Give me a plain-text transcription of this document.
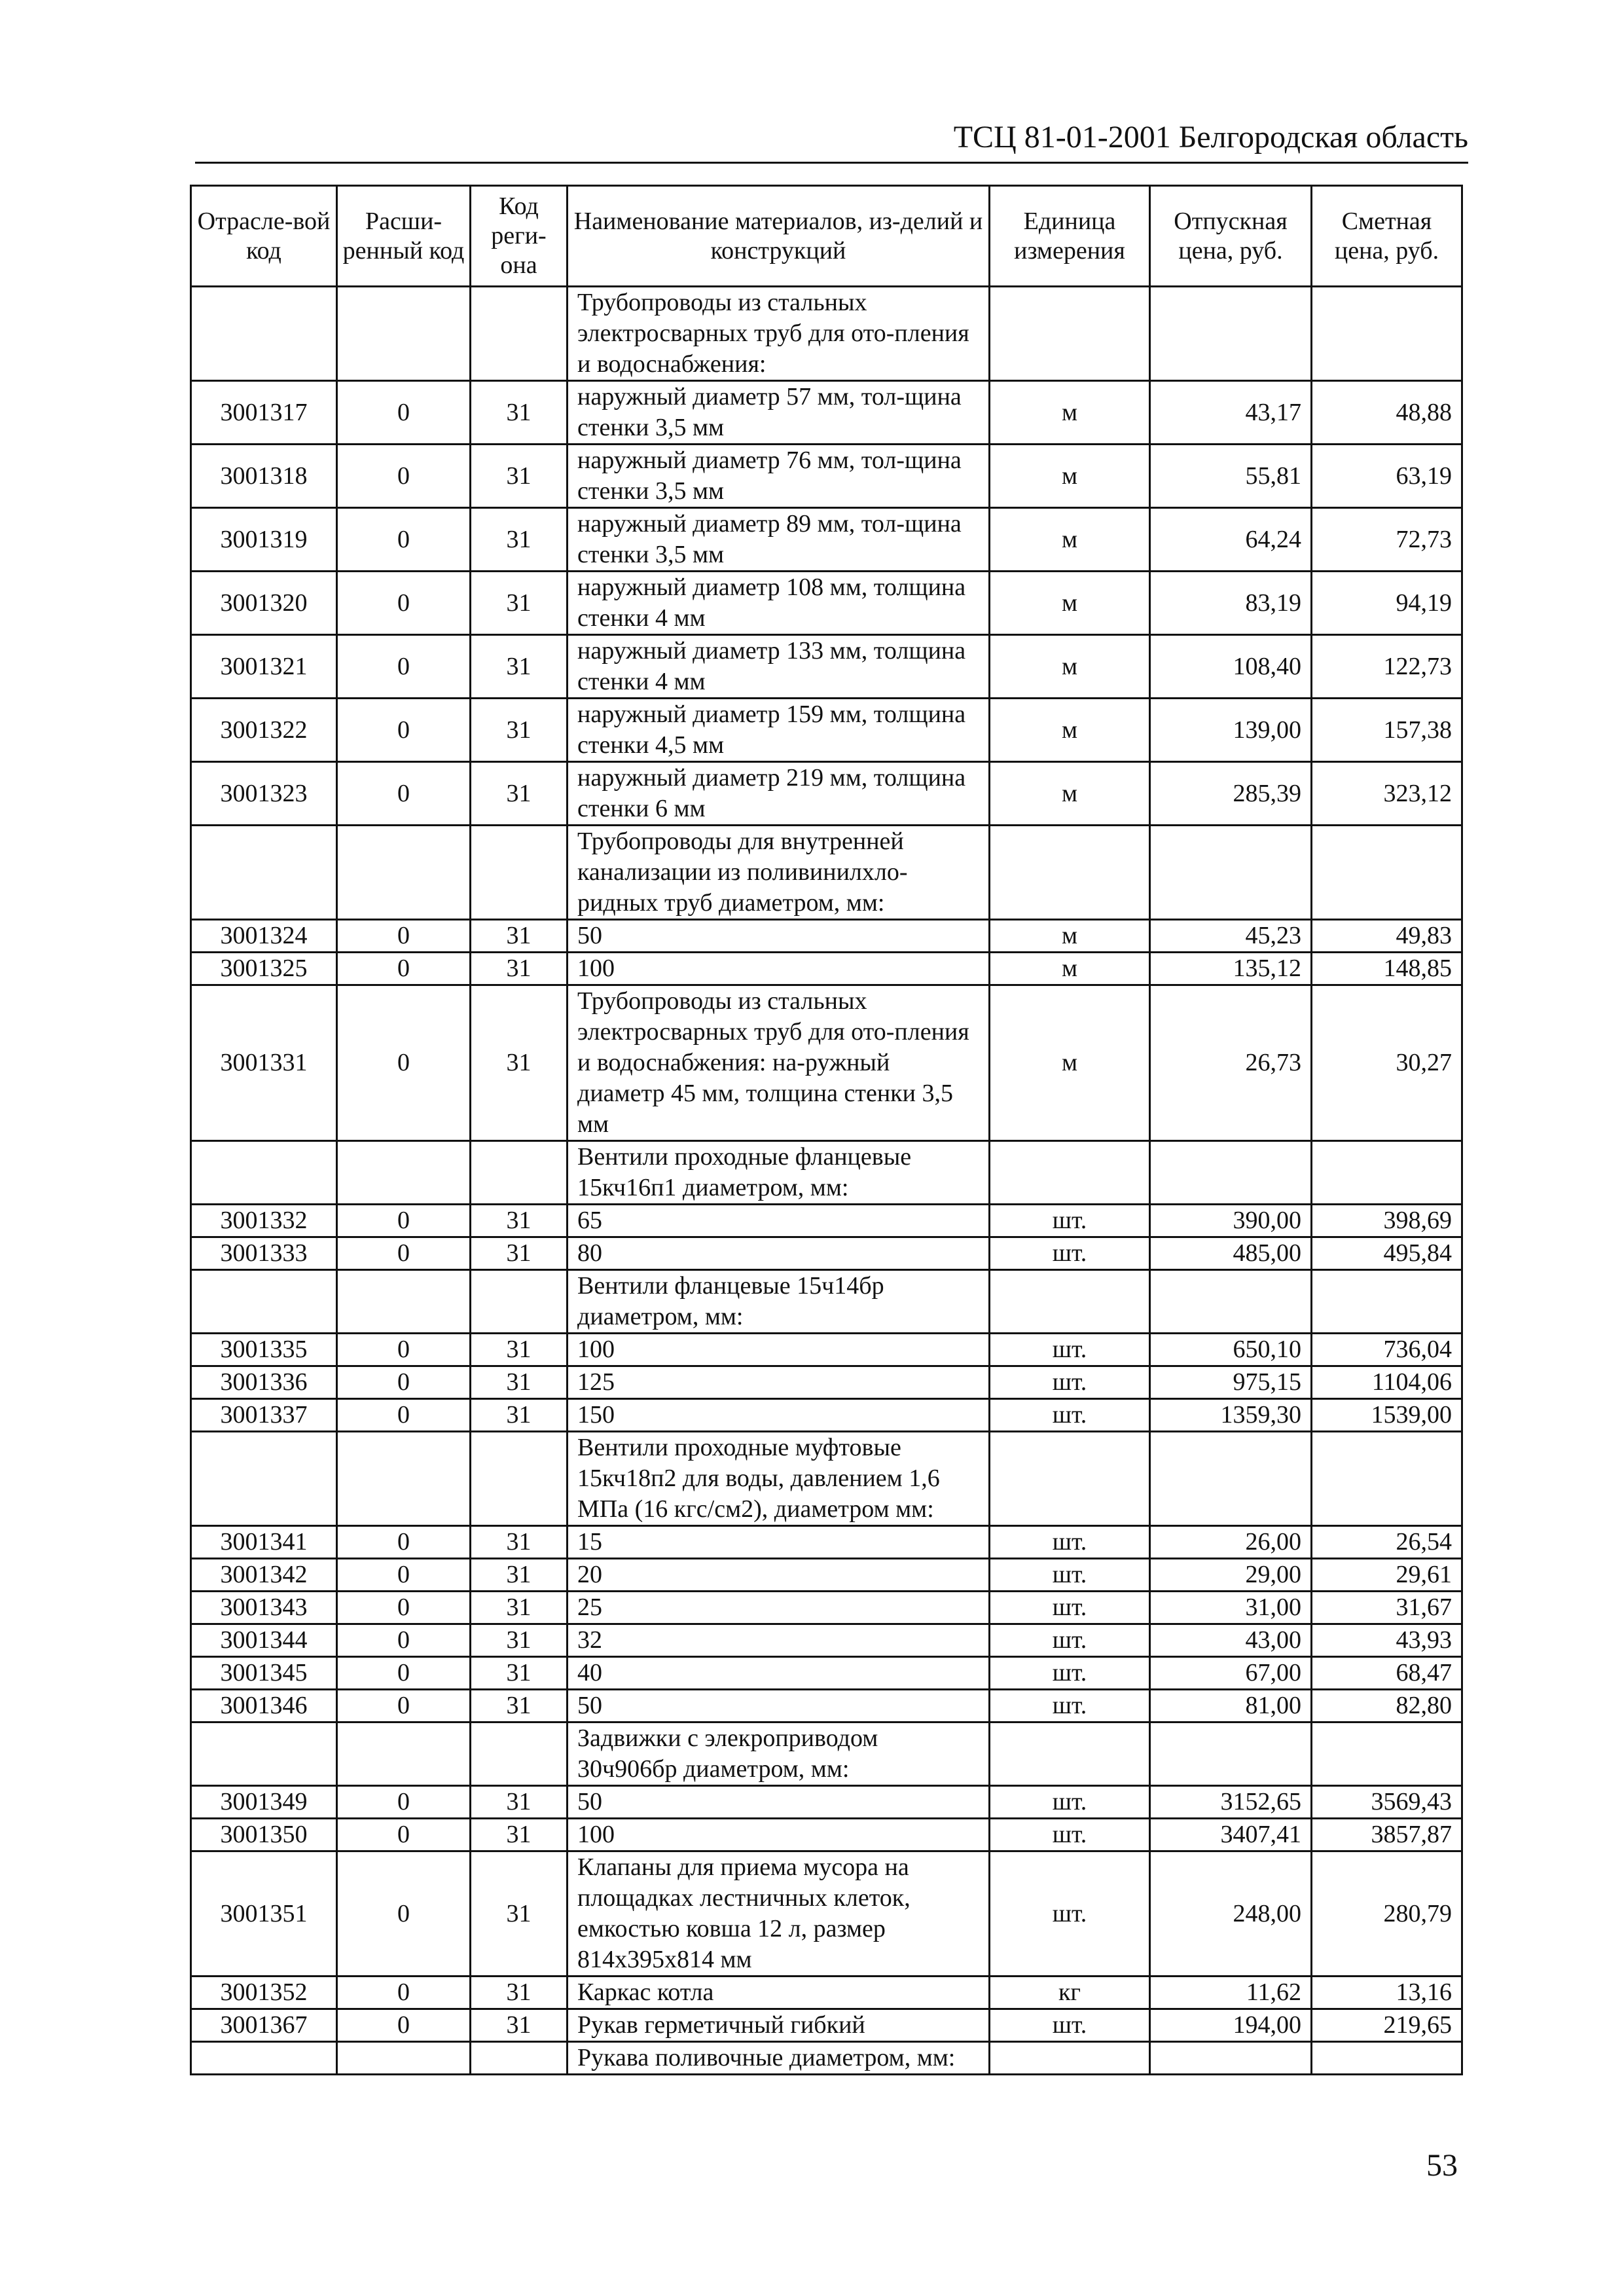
ТСЦ 81-01-2001 Белгородская область
Отрасле-вой код	Расши-ренный код	Код реги-она	Наименование материалов, из-делий и конструкций	Единица измерения	Отпускная цена, руб.	Сметная цена, руб.
			Трубопроводы из стальных электросварных труб для ото-пления и водоснабжения:			
3001317	0	31	наружный диаметр 57 мм, тол-щина стенки 3,5 мм	м	43,17	48,88
3001318	0	31	наружный диаметр 76 мм, тол-щина стенки 3,5 мм	м	55,81	63,19
3001319	0	31	наружный диаметр 89 мм, тол-щина стенки 3,5 мм	м	64,24	72,73
3001320	0	31	наружный диаметр 108 мм, толщина стенки 4 мм	м	83,19	94,19
3001321	0	31	наружный диаметр 133 мм, толщина стенки 4 мм	м	108,40	122,73
3001322	0	31	наружный диаметр 159 мм, толщина стенки 4,5 мм	м	139,00	157,38
3001323	0	31	наружный диаметр 219 мм, толщина стенки 6 мм	м	285,39	323,12
			Трубопроводы для внутренней канализации из поливинилхло-ридных труб диаметром, мм:			
3001324	0	31	50	м	45,23	49,83
3001325	0	31	100	м	135,12	148,85
3001331	0	31	Трубопроводы из стальных электросварных труб для ото-пления и водоснабжения: на-ружный диаметр 45 мм, толщина стенки 3,5 мм	м	26,73	30,27
			Вентили проходные фланцевые 15кч16п1 диаметром, мм:			
3001332	0	31	65	шт.	390,00	398,69
3001333	0	31	80	шт.	485,00	495,84
			Вентили фланцевые 15ч14бр диаметром, мм:			
3001335	0	31	100	шт.	650,10	736,04
3001336	0	31	125	шт.	975,15	1104,06
3001337	0	31	150	шт.	1359,30	1539,00
			Вентили проходные муфтовые 15кч18п2 для воды, давлением 1,6 МПа (16 кгс/см2), диаметром мм:			
3001341	0	31	15	шт.	26,00	26,54
3001342	0	31	20	шт.	29,00	29,61
3001343	0	31	25	шт.	31,00	31,67
3001344	0	31	32	шт.	43,00	43,93
3001345	0	31	40	шт.	67,00	68,47
3001346	0	31	50	шт.	81,00	82,80
			Задвижки с элекроприводом 30ч906бр диаметром, мм:			
3001349	0	31	50	шт.	3152,65	3569,43
3001350	0	31	100	шт.	3407,41	3857,87
3001351	0	31	Клапаны для приема мусора на площадках лестничных клеток, емкостью ковша 12 л, размер 814х395х814 мм	шт.	248,00	280,79
3001352	0	31	Каркас котла	кг	11,62	13,16
3001367	0	31	Рукав герметичный гибкий	шт.	194,00	219,65
			Рукава поливочные диаметром, мм:			
53
